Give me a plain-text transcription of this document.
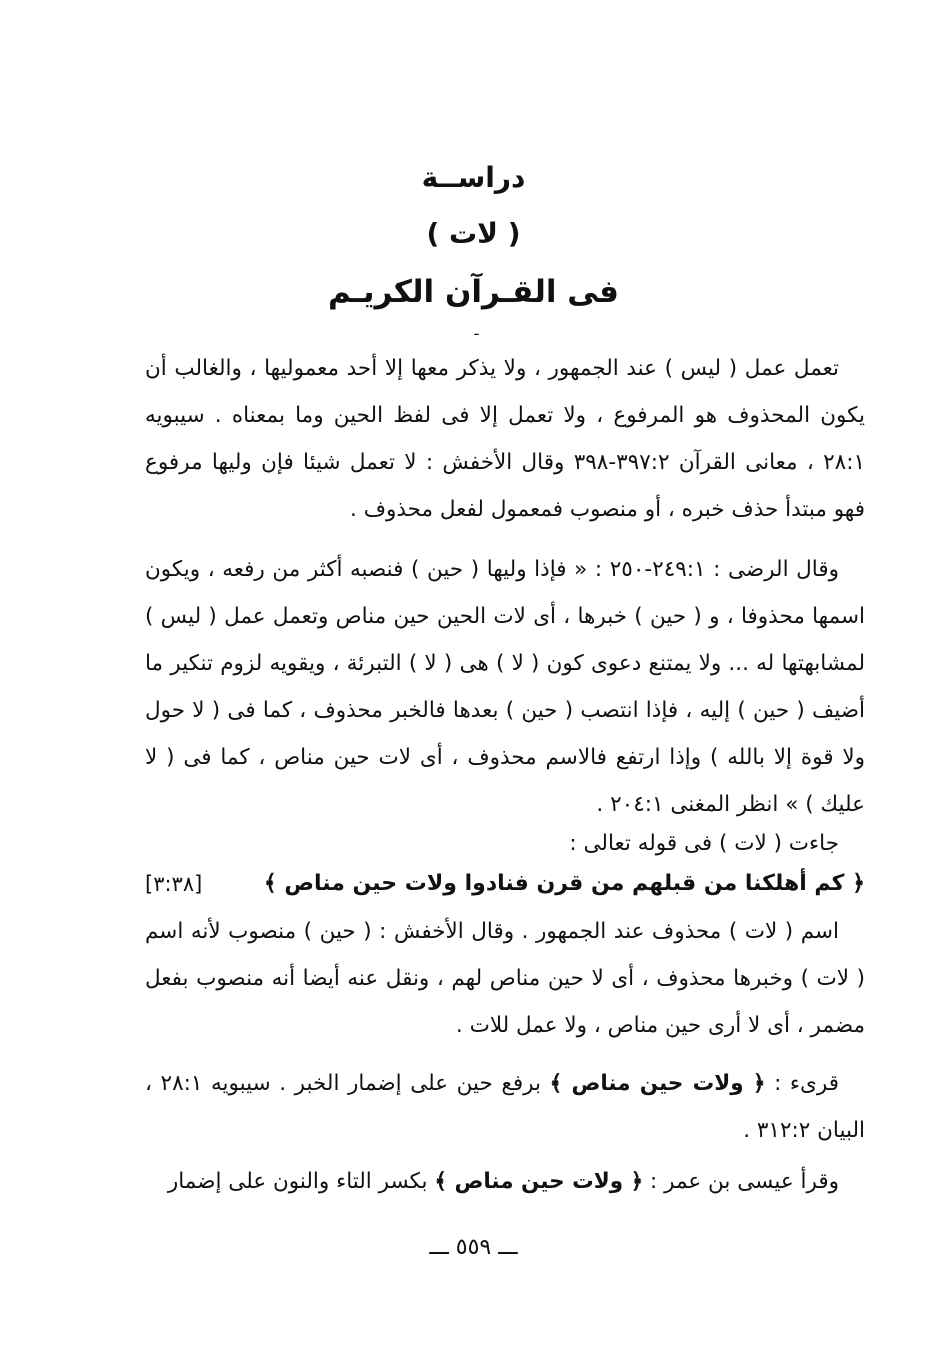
دراســة
( لات )
فى القـرآن الكريـم
ـ

تعمل عمل ( ليس ) عند الجمهور ، ولا يذكر معها إلا أحد معموليها ، والغالب أن يكون المحذوف هو المرفوع ، ولا تعمل إلا فى لفظ الحين وما بمعناه . سيبويه ٢٨:١ ، معانى القرآن ٣٩٧:٢-٣٩٨ وقال الأخفش : لا تعمل شيئا فإن وليها مرفوع فهو مبتدأ حذف خبره ، أو منصوب فمعمول لفعل محذوف .

وقال الرضى : ٢٤٩:١-٢٥٠ : « فإذا وليها ( حين ) فنصبه أكثر من رفعه ، ويكون اسمها محذوفا ، و ( حين ) خبرها ، أى لات الحين حين مناص وتعمل عمل ( ليس ) لمشابهتها له ... ولا يمتنع دعوى كون ( لا ) هى ( لا ) التبرئة ، ويقويه لزوم تنكير ما أضيف ( حين ) إليه ، فإذا انتصب ( حين ) بعدها فالخبر محذوف ، كما فى ( لا حول ولا قوة إلا بالله ) وإذا ارتفع فالاسم محذوف ، أى لات حين مناص ، كما فى ( لا عليك ) » انظر المغنى ٢٠٤:١ .

جاءت ( لات ) فى قوله تعالى :

﴿ كم أهلكنا من قبلهم من قرن فنادوا ولات حين مناص ﴾
[٣:٣٨]

اسم ( لات ) محذوف عند الجمهور . وقال الأخفش : ( حين ) منصوب لأنه اسم ( لات ) وخبرها محذوف ، أى لا حين مناص لهم ، ونقل عنه أيضا أنه منصوب بفعل مضمر ، أى لا أرى حين مناص ، ولا عمل للات .

قرىء : ﴿ ولات حين مناص ﴾ برفع حين على إضمار الخبر . سيبويه ٢٨:١ ، البيان ٣١٢:٢ .

وقرأ عيسى بن عمر : ﴿ ولات حين مناص ﴾ بكسر التاء والنون على إضمار

ـــ ٥٥٩ ـــ
